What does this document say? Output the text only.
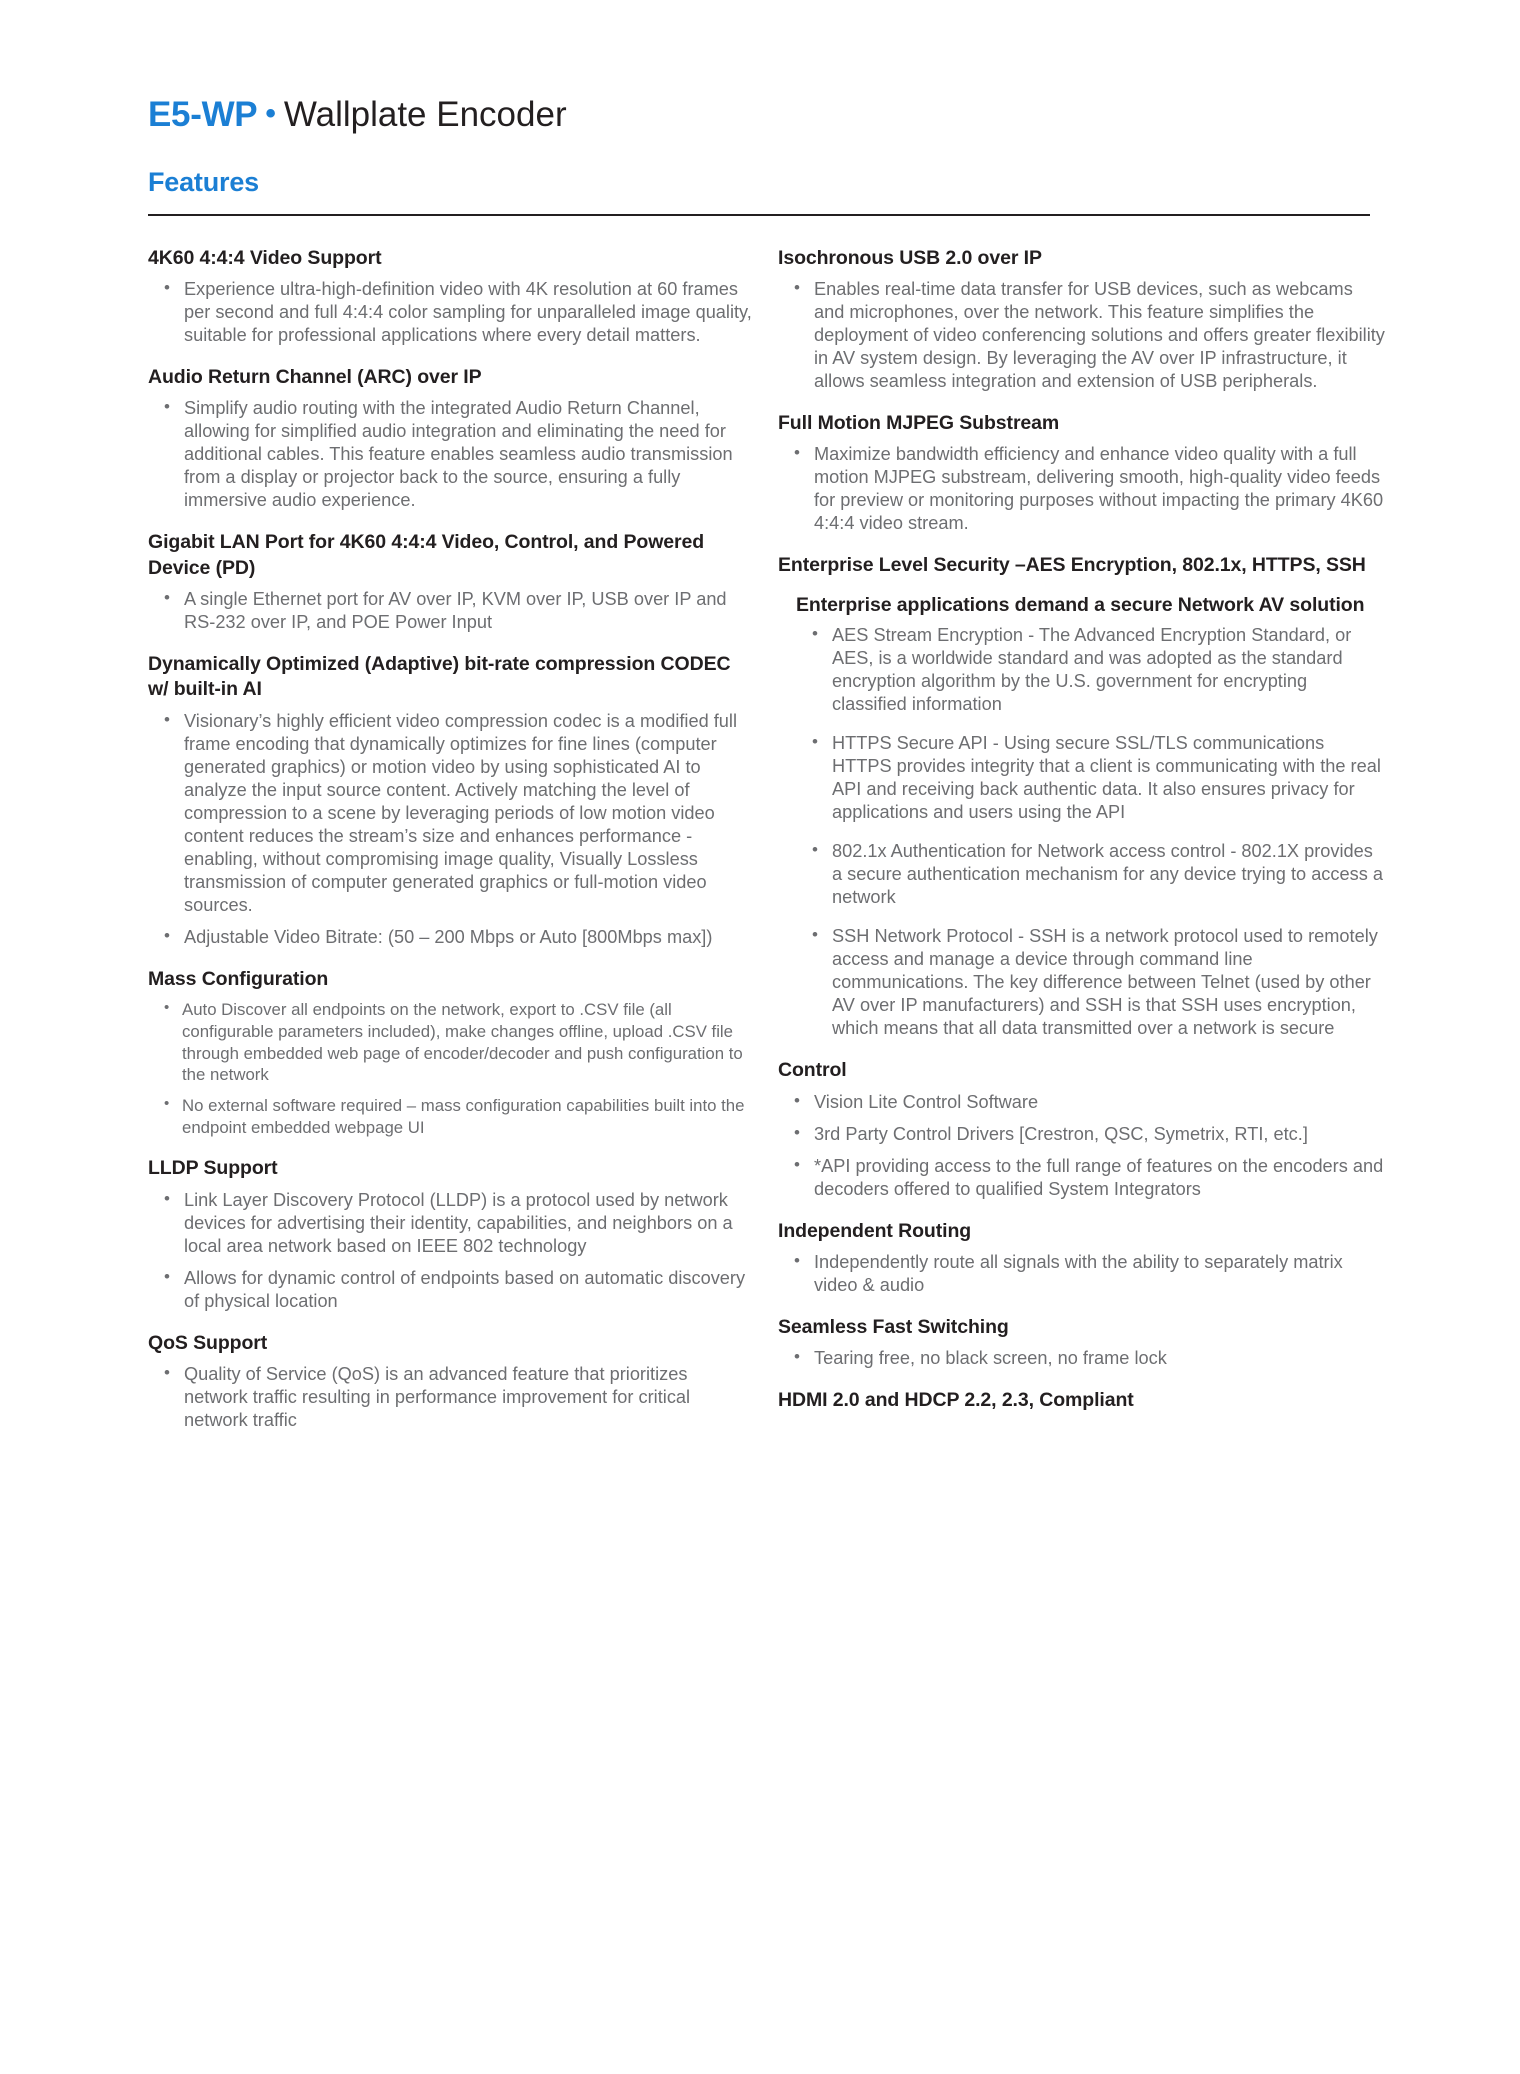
E5-WP • Wallplate Encoder
Features
4K60 4:4:4 Video Support
• Experience ultra-high-definition video with 4K resolution at 60 frames per second and full 4:4:4 color sampling for unparalleled image quality, suitable for professional applications where every detail matters.
Audio Return Channel (ARC) over IP
• Simplify audio routing with the integrated Audio Return Channel, allowing for simplified audio integration and eliminating the need for additional cables. This feature enables seamless audio transmission from a display or projector back to the source, ensuring a fully immersive audio experience.
Gigabit LAN Port for 4K60 4:4:4 Video, Control, and Powered Device (PD)
• A single Ethernet port for AV over IP, KVM over IP, USB over IP and RS-232 over IP, and POE Power Input
Dynamically Optimized (Adaptive) bit-rate compression CODEC w/ built-in AI
• Visionary’s highly efficient video compression codec is a modified full frame encoding that dynamically optimizes for fine lines (computer generated graphics) or motion video by using sophisticated AI to analyze the input source content. Actively matching the level of compression to a scene by leveraging periods of low motion video content reduces the stream’s size and enhances performance - enabling, without compromising image quality, Visually Lossless transmission of computer generated graphics or full-motion video sources.
• Adjustable Video Bitrate: (50 – 200 Mbps or Auto [800Mbps max])
Mass Configuration
• Auto Discover all endpoints on the network, export to .CSV file (all configurable parameters included), make changes offline, upload .CSV file through embedded web page of encoder/decoder and push configuration to the network
• No external software required – mass configuration capabilities built into the endpoint embedded webpage UI
LLDP Support
• Link Layer Discovery Protocol (LLDP) is a protocol used by network devices for advertising their identity, capabilities, and neighbors on a local area network based on IEEE 802 technology
• Allows for dynamic control of endpoints based on automatic discovery of physical location
QoS Support
• Quality of Service (QoS) is an advanced feature that prioritizes network traffic resulting in performance improvement for critical network traffic
Isochronous USB 2.0 over IP
• Enables real-time data transfer for USB devices, such as webcams and microphones, over the network. This feature simplifies the deployment of video conferencing solutions and offers greater flexibility in AV system design. By leveraging the AV over IP infrastructure, it allows seamless integration and extension of USB peripherals.
Full Motion MJPEG Substream
• Maximize bandwidth efficiency and enhance video quality with a full motion MJPEG substream, delivering smooth, high-quality video feeds for preview or monitoring purposes without impacting the primary 4K60 4:4:4 video stream.
Enterprise Level Security –AES Encryption, 802.1x, HTTPS, SSH
Enterprise applications demand a secure Network AV solution
• AES Stream Encryption - The Advanced Encryption Standard, or AES, is a worldwide standard and was adopted as the standard encryption algorithm by the U.S. government for encrypting classified information
• HTTPS Secure API - Using secure SSL/TLS communications HTTPS provides integrity that a client is communicating with the real API and receiving back authentic data. It also ensures privacy for applications and users using the API
• 802.1x Authentication for Network access control - 802.1X provides a secure authentication mechanism for any device trying to access a network
• SSH Network Protocol - SSH is a network protocol used to remotely access and manage a device through command line communications. The key difference between Telnet (used by other AV over IP manufacturers) and SSH is that SSH uses encryption, which means that all data transmitted over a network is secure
Control
• Vision Lite Control Software
• 3rd Party Control Drivers [Crestron, QSC, Symetrix, RTI, etc.]
• *API providing access to the full range of features on the encoders and decoders offered to qualified System Integrators
Independent Routing
• Independently route all signals with the ability to separately matrix video & audio
Seamless Fast Switching
• Tearing free, no black screen, no frame lock
HDMI 2.0 and HDCP 2.2, 2.3, Compliant
